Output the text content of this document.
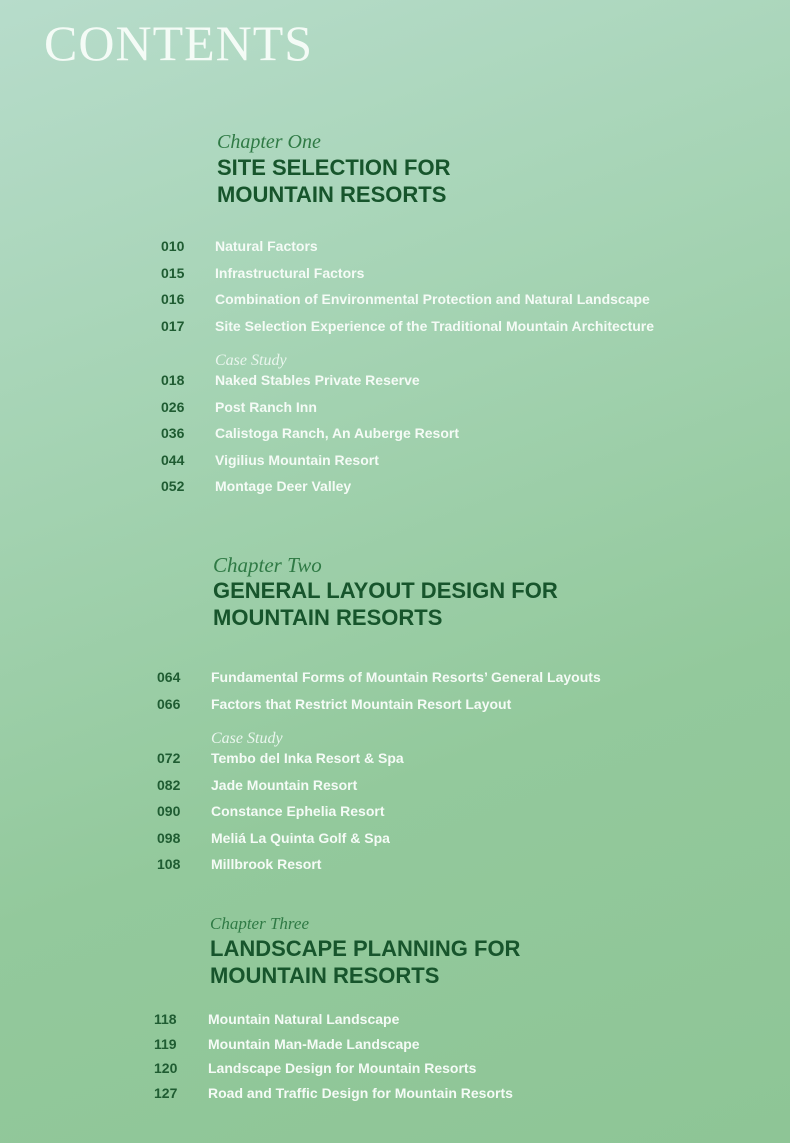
CONTENTS
Chapter One
SITE SELECTION FOR
MOUNTAIN RESORTS
010	Natural Factors
015	Infrastructural Factors
016	Combination of Environmental Protection and Natural Landscape
017	Site Selection Experience of the Traditional Mountain Architecture
Case Study
018	Naked Stables Private Reserve
026	Post Ranch Inn
036	Calistoga Ranch, An Auberge Resort
044	Vigilius Mountain Resort
052	Montage Deer Valley
Chapter Two
GENERAL LAYOUT DESIGN FOR
MOUNTAIN RESORTS
064	Fundamental Forms of Mountain Resorts’ General Layouts
066	Factors that Restrict Mountain Resort Layout
Case Study
072	Tembo del Inka Resort & Spa
082	Jade Mountain Resort
090	Constance Ephelia Resort
098	Meliá La Quinta Golf & Spa
108	Millbrook Resort
Chapter Three
LANDSCAPE PLANNING FOR
MOUNTAIN RESORTS
118	Mountain Natural Landscape
119	Mountain Man-Made Landscape
120	Landscape Design for Mountain Resorts
127	Road and Traffic Design for Mountain Resorts
